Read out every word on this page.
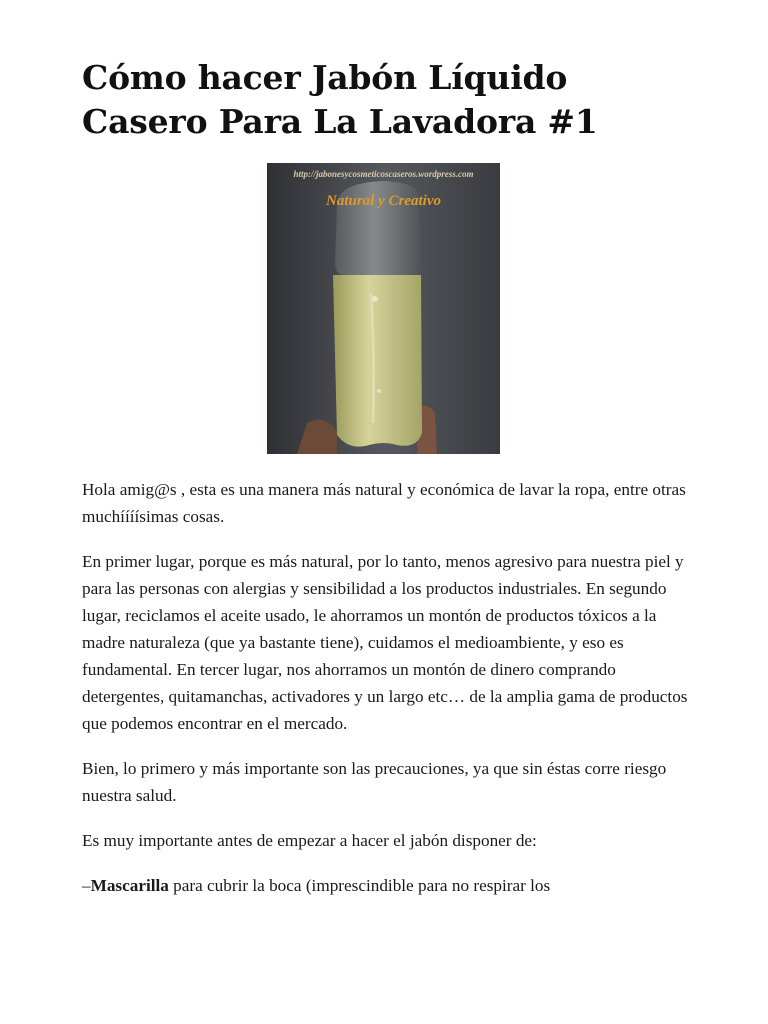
Cómo hacer Jabón Líquido Casero Para La Lavadora #1
http://jabonesycosmeticoscaseros.wordpress.com
Natural y Creativo

Hola amig@s , esta es una manera más natural y económica de lavar la ropa, entre otras muchíííísimas cosas.

En primer lugar, porque es más natural, por lo tanto, menos agresivo para nuestra piel y para las personas con alergias y sensibilidad a los productos industriales. En segundo lugar, reciclamos el aceite usado, le ahorramos un montón de productos tóxicos a la madre naturaleza (que ya bastante tiene), cuidamos el medioambiente, y eso es fundamental. En tercer lugar, nos ahorramos un montón de dinero comprando detergentes, quitamanchas, activadores y un largo etc… de la amplia gama de productos que podemos encontrar en el mercado.

Bien, lo primero y más importante son las precauciones, ya que sin éstas corre riesgo nuestra salud.

Es muy importante antes de empezar a hacer el jabón disponer de:

–Mascarilla para cubrir la boca (imprescindible para no respirar los
